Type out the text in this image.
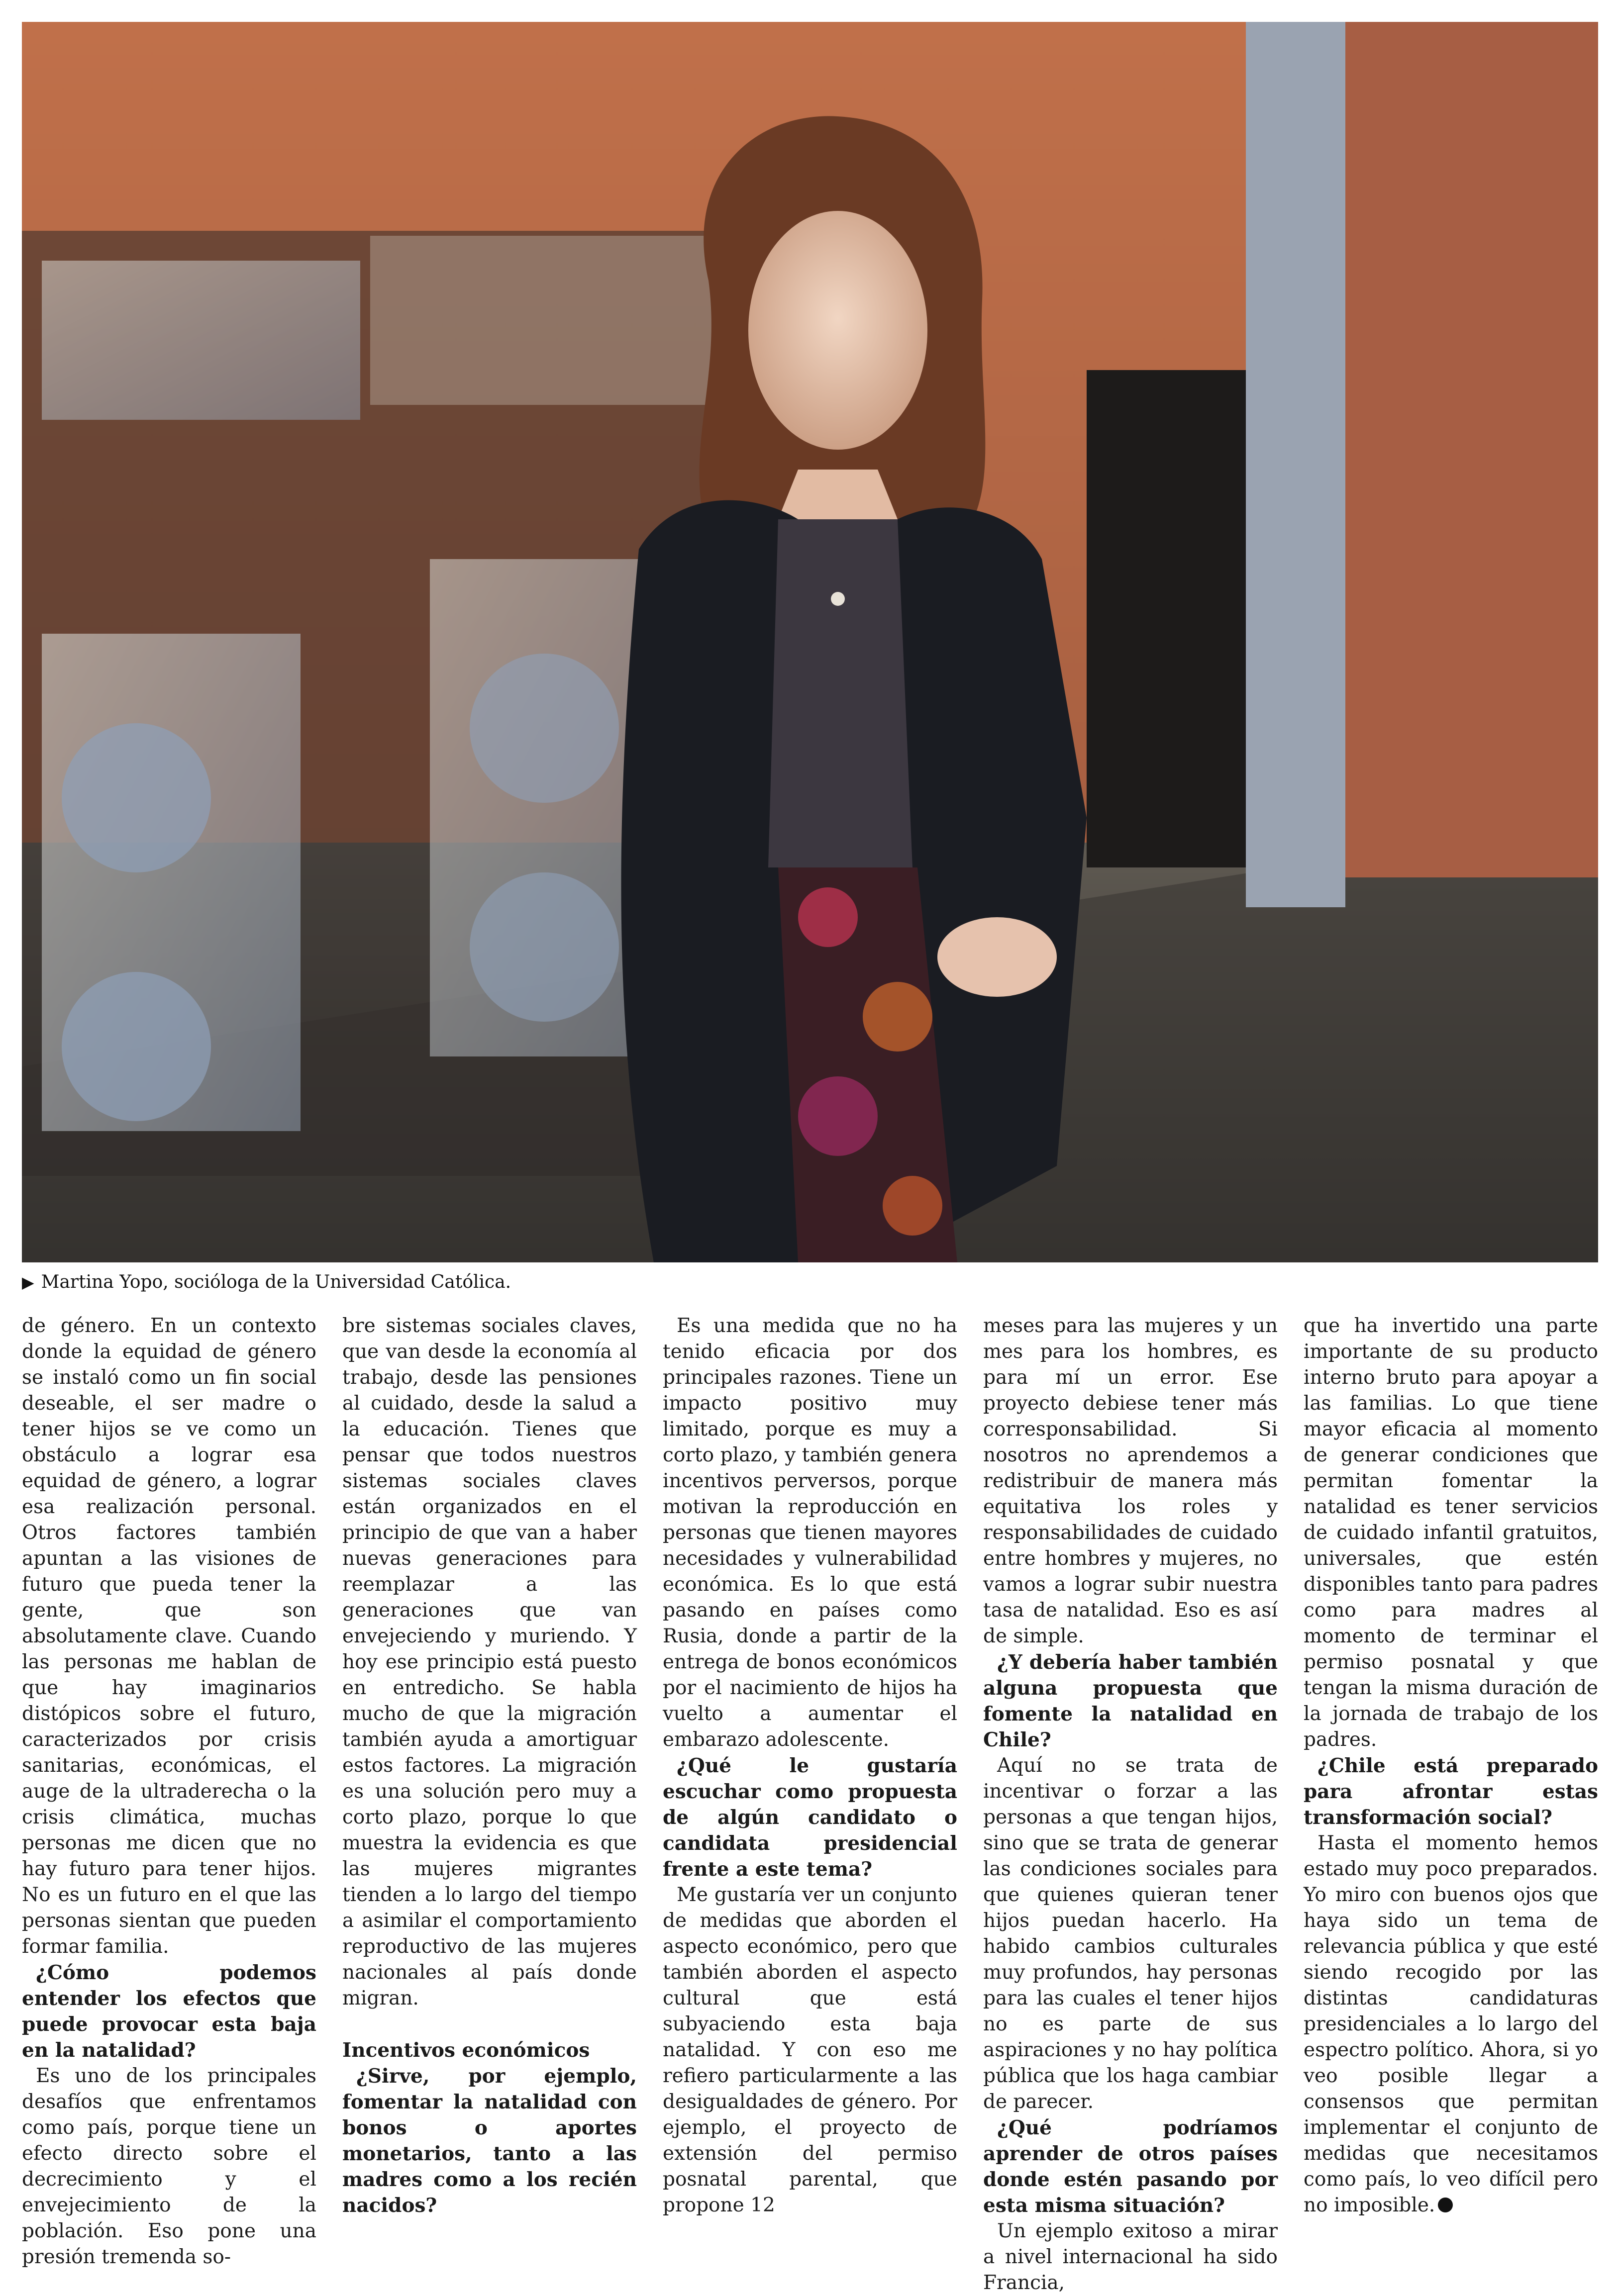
▶ Martina Yopo, socióloga de la Universidad Católica.

de género. En un contexto donde la equidad de género se instaló como un fin social deseable, el ser madre o tener hijos se ve como un obstáculo a lograr esa equidad de género, a lograr esa realización personal. Otros factores también apuntan a las visiones de futuro que pueda tener la gente, que son absolutamente clave. Cuando las personas me hablan de que hay imaginarios distópicos sobre el futuro, caracterizados por crisis sanitarias, económicas, el auge de la ultraderecha o la crisis climática, muchas personas me dicen que no hay futuro para tener hijos. No es un futuro en el que las personas sientan que pueden formar familia.

¿Cómo podemos entender los efectos que puede provocar esta baja en la natalidad?

Es uno de los principales desafíos que enfrentamos como país, porque tiene un efecto directo sobre el decrecimiento y el envejecimiento de la población. Eso pone una presión tremenda so-

bre sistemas sociales claves, que van desde la economía al trabajo, desde las pensiones al cuidado, desde la salud a la educación. Tienes que pensar que todos nuestros sistemas sociales claves están organizados en el principio de que van a haber nuevas generaciones para reemplazar a las generaciones que van envejeciendo y muriendo. Y hoy ese principio está puesto en entredicho. Se habla mucho de que la migración también ayuda a amortiguar estos factores. La migración es una solución pero muy a corto plazo, porque lo que muestra la evidencia es que las mujeres migrantes tienden a lo largo del tiempo a asimilar el comportamiento reproductivo de las mujeres nacionales al país donde migran.

Incentivos económicos

¿Sirve, por ejemplo, fomentar la natalidad con bonos o aportes monetarios, tanto a las madres como a los recién nacidos?

Es una medida que no ha tenido eficacia por dos principales razones. Tiene un impacto positivo muy limitado, porque es muy a corto plazo, y también genera incentivos perversos, porque motivan la reproducción en personas que tienen mayores necesidades y vulnerabilidad económica. Es lo que está pasando en países como Rusia, donde a partir de la entrega de bonos económicos por el nacimiento de hijos ha vuelto a aumentar el embarazo adolescente.

¿Qué le gustaría escuchar como propuesta de algún candidato o candidata presidencial frente a este tema?

Me gustaría ver un conjunto de medidas que aborden el aspecto económico, pero que también aborden el aspecto cultural que está subyaciendo esta baja natalidad. Y con eso me refiero particularmente a las desigualdades de género. Por ejemplo, el proyecto de extensión del permiso posnatal parental, que propone 12

meses para las mujeres y un mes para los hombres, es para mí un error. Ese proyecto debiese tener más corresponsabilidad. Si nosotros no aprendemos a redistribuir de manera más equitativa los roles y responsabilidades de cuidado entre hombres y mujeres, no vamos a lograr subir nuestra tasa de natalidad. Eso es así de simple.

¿Y debería haber también alguna propuesta que fomente la natalidad en Chile?

Aquí no se trata de incentivar o forzar a las personas a que tengan hijos, sino que se trata de generar las condiciones sociales para que quienes quieran tener hijos puedan hacerlo. Ha habido cambios culturales muy profundos, hay personas para las cuales el tener hijos no es parte de sus aspiraciones y no hay política pública que los haga cambiar de parecer.

¿Qué podríamos aprender de otros países donde estén pasando por esta misma situación?

Un ejemplo exitoso a mirar a nivel internacional ha sido Francia,

que ha invertido una parte importante de su producto interno bruto para apoyar a las familias. Lo que tiene mayor eficacia al momento de generar condiciones que permitan fomentar la natalidad es tener servicios de cuidado infantil gratuitos, universales, que estén disponibles tanto para padres como para madres al momento de terminar el permiso posnatal y que tengan la misma duración de la jornada de trabajo de los padres.

¿Chile está preparado para afrontar estas transformación social?

Hasta el momento hemos estado muy poco preparados. Yo miro con buenos ojos que haya sido un tema de relevancia pública y que esté siendo recogido por las distintas candidaturas presidenciales a lo largo del espectro político. Ahora, si yo veo posible llegar a consensos que permitan implementar el conjunto de medidas que necesitamos como país, lo veo difícil pero no imposible.
